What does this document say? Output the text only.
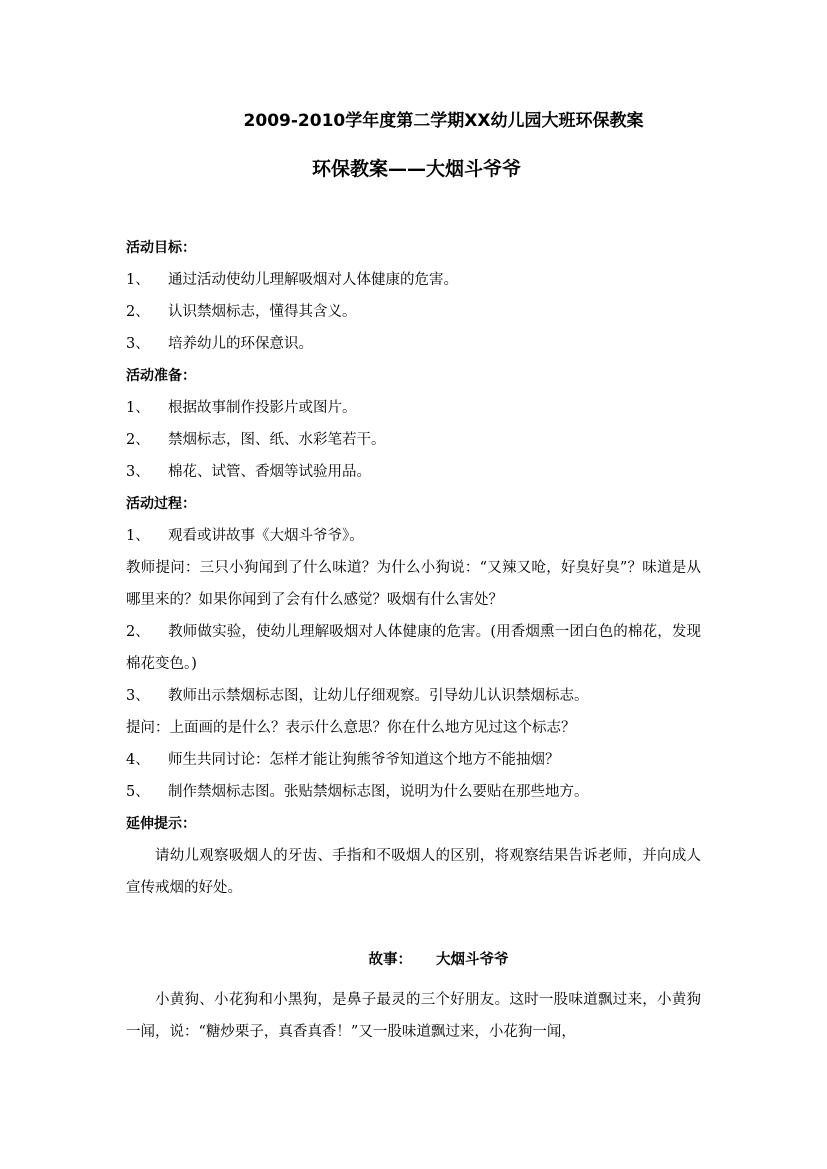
2009-2010学年度第二学期XX幼儿园大班环保教案
环保教案——大烟斗爷爷
活动目标：
1、 通过活动使幼儿理解吸烟对人体健康的危害。
2、 认识禁烟标志，懂得其含义。
3、 培养幼儿的环保意识。
活动准备：
1、 根据故事制作投影片或图片。
2、 禁烟标志，图、纸、水彩笔若干。
3、 棉花、试管、香烟等试验用品。
活动过程：
1、 观看或讲故事《大烟斗爷爷》。
教师提问：三只小狗闻到了什么味道？为什么小狗说：“又辣又呛，好臭好臭”？味道是从哪里来的？如果你闻到了会有什么感觉？吸烟有什么害处？
2、 教师做实验，使幼儿理解吸烟对人体健康的危害。(用香烟熏一团白色的棉花，发现棉花变色。)
3、 教师出示禁烟标志图，让幼儿仔细观察。引导幼儿认识禁烟标志。
提问：上面画的是什么？表示什么意思？你在什么地方见过这个标志？
4、 师生共同讨论：怎样才能让狗熊爷爷知道这个地方不能抽烟？
5、 制作禁烟标志图。张贴禁烟标志图，说明为什么要贴在那些地方。
延伸提示：
请幼儿观察吸烟人的牙齿、手指和不吸烟人的区别，将观察结果告诉老师，并向成人宣传戒烟的好处。
故事： 大烟斗爷爷
小黄狗、小花狗和小黑狗，是鼻子最灵的三个好朋友。这时一股味道飘过来，小黄狗一闻，说：“糖炒栗子，真香真香！”又一股味道飘过来，小花狗一闻，
